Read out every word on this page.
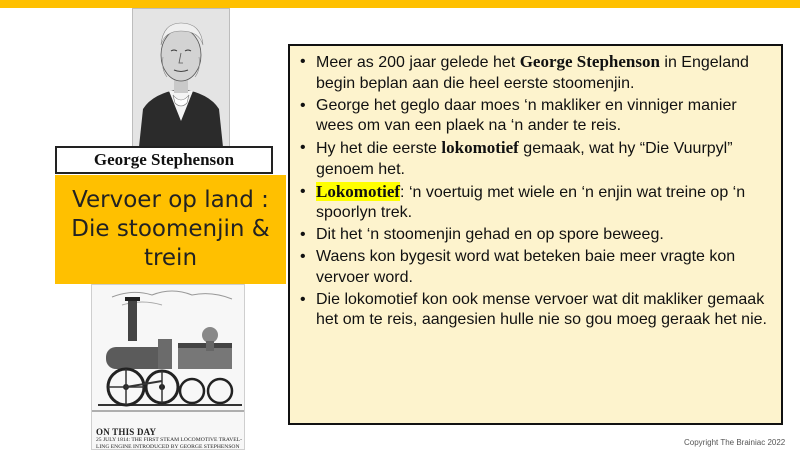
George Stephenson
Vervoer op land :
Die stoomenjin &
trein
ON THIS DAY
25 JULY 1814: THE FIRST STEAM LOCOMOTIVE TRAVEL-
LING ENGINE INTRODUCED BY GEORGE STEPHENSON
• Meer as 200 jaar gelede het George Stephenson in Engeland begin beplan aan die heel eerste stoomenjin.
• George het geglo daar moes ‘n makliker en vinniger manier wees om van een plaek na ‘n ander te reis.
• Hy het die eerste lokomotief gemaak, wat hy “Die Vuurpyl” genoem het.
• Lokomotief: ‘n voertuig met wiele en ‘n enjin wat treine op ‘n spoorlyn trek.
• Dit het ‘n stoomenjin gehad en op spore beweeg.
• Waens kon bygesit word wat beteken baie meer vragte kon vervoer word.
• Die lokomotief kon ook mense vervoer wat dit makliker gemaak het om te reis, aangesien hulle nie so gou moeg geraak het nie.
Copyright The Brainiac 2022
